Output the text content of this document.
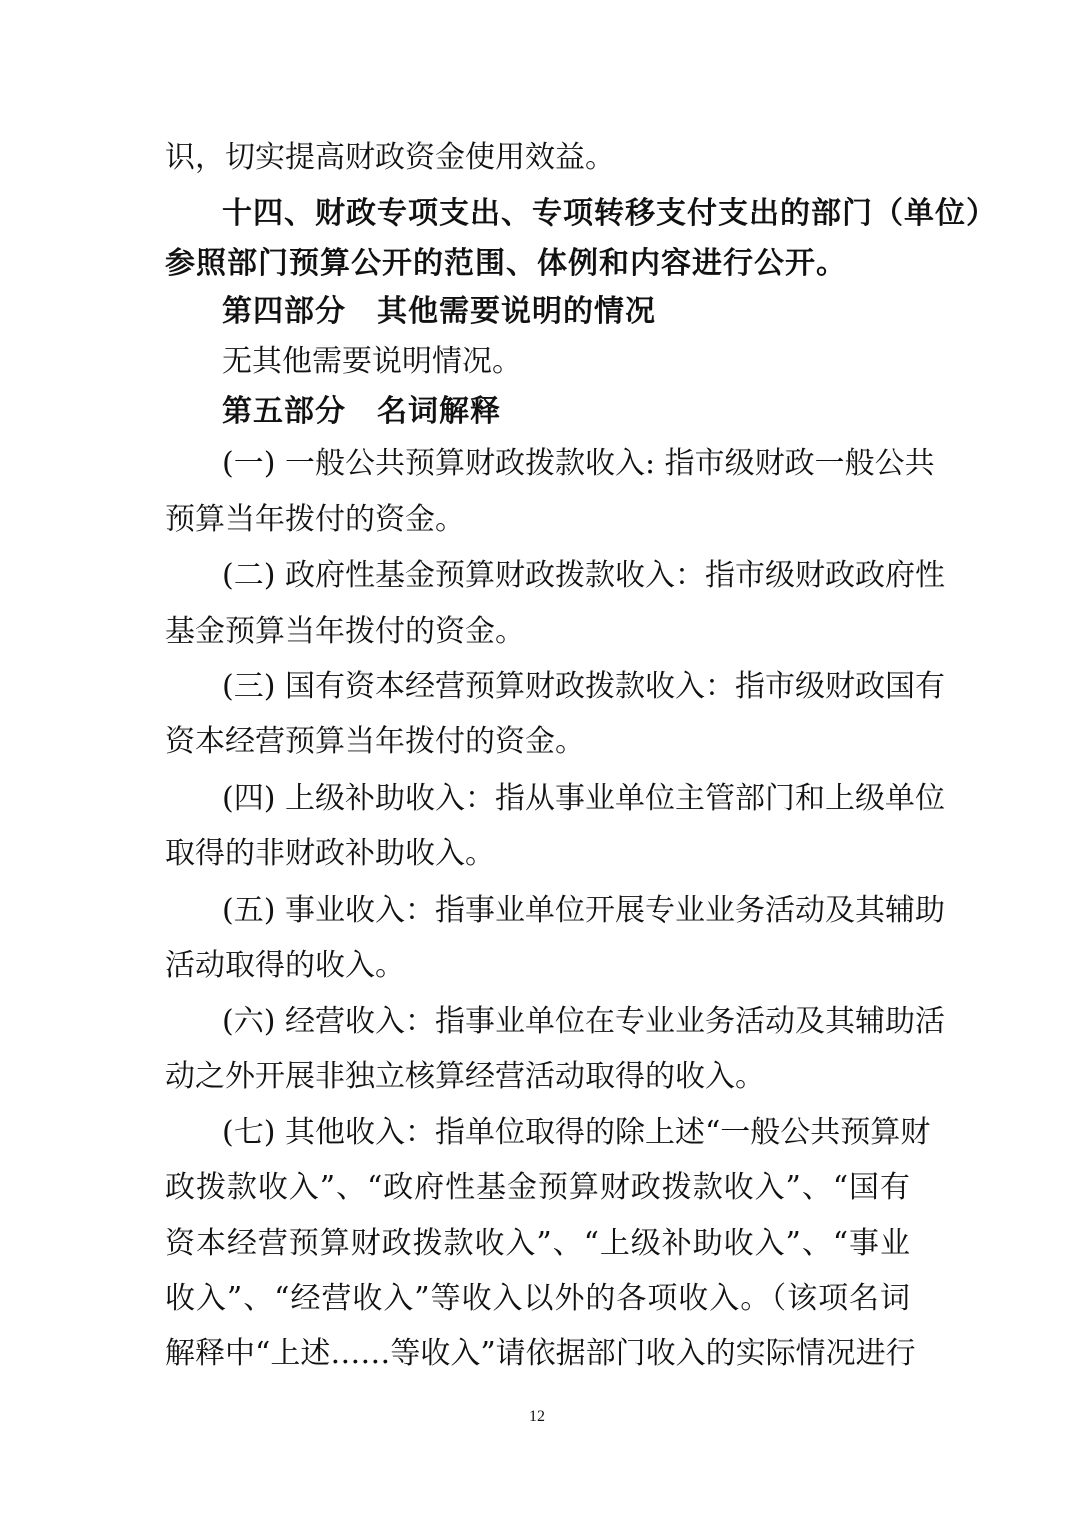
识，切实提高财政资金使用效益。

十四、财政专项支出、专项转移支付支出的部门（单位）

参照部门预算公开的范围、体例和内容进行公开。

第四部分　其他需要说明的情况

无其他需要说明情况。

第五部分　名词解释

(一) 一般公共预算财政拨款收入: 指市级财政一般公共

预算当年拨付的资金。

(二) 政府性基金预算财政拨款收入：指市级财政政府性

基金预算当年拨付的资金。

(三) 国有资本经营预算财政拨款收入：指市级财政国有

资本经营预算当年拨付的资金。

(四) 上级补助收入：指从事业单位主管部门和上级单位

取得的非财政补助收入。

(五) 事业收入：指事业单位开展专业业务活动及其辅助

活动取得的收入。

(六) 经营收入：指事业单位在专业业务活动及其辅助活

动之外开展非独立核算经营活动取得的收入。

(七) 其他收入：指单位取得的除上述“一般公共预算财

政拨款收入”、“政府性基金预算财政拨款收入”、“国有

资本经营预算财政拨款收入”、“上级补助收入”、“事业

收入”、“经营收入”等收入以外的各项收入。（该项名词

解释中“上述……等收入”请依据部门收入的实际情况进行

12
